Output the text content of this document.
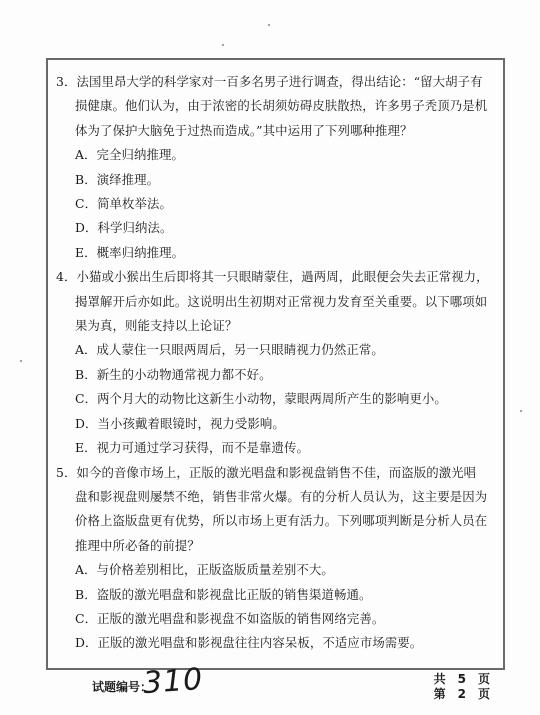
3．法国里昂大学的科学家对一百多名男子进行调查，得出结论：“留大胡子有
损健康。他们认为，由于浓密的长胡须妨碍皮肤散热，许多男子秃顶乃是机
体为了保护大脑免于过热而造成。”其中运用了下列哪种推理？
A．完全归纳推理。
B．演绎推理。
C．简单枚举法。
D．科学归纳法。
E．概率归纳推理。
4．小猫或小猴出生后即将其一只眼睛蒙住，過两周，此眼便会失去正常视力，
揭罩解开后亦如此。这说明出生初期对正常视力发育至关重要。以下哪项如
果为真，则能支持以上论证？
A．成人蒙住一只眼两周后，另一只眼睛视力仍然正常。
B．新生的小动物通常视力都不好。
C．两个月大的动物比这新生小动物，蒙眼两周所产生的影响更小。
D．当小孩戴着眼镜时，视力受影响。
E．视力可通过学习获得，而不是靠遗传。
5．如今的音像市场上，正版的激光唱盘和影视盘销售不佳，而盗版的激光唱
盘和影视盘则屡禁不绝，销售非常火爆。有的分析人员认为，这主要是因为
价格上盗版盘更有优势，所以市场上更有活力。下列哪项判断是分析人员在
推理中所必备的前提？
A．与价格差别相比，正版盗版质量差别不大。
B．盗版的激光唱盘和影视盘比正版的销售渠道畅通。
C．正版的激光唱盘和影视盘不如盗版的销售网络完善。
D．正版的激光唱盘和影视盘往往内容呆板，不适应市场需要。
试题编号：
310	共　5　页
第　2　页
